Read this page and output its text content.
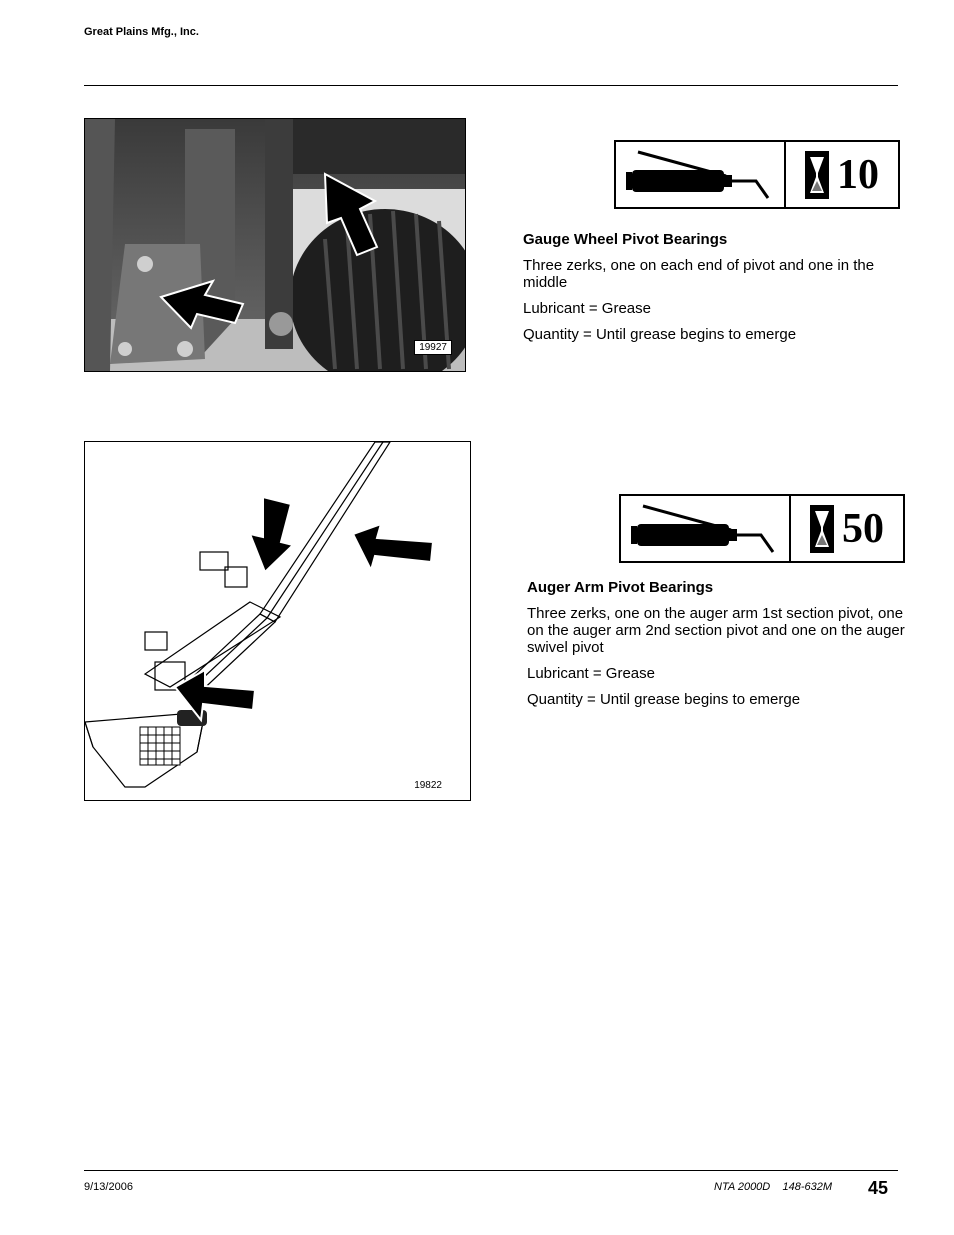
Great Plains Mfg., Inc.
19927
10
Gauge Wheel Pivot Bearings

Three zerks, one on each end of pivot and one in the middle

Lubricant = Grease

Quantity = Until grease begins to emerge

19822
50
Auger Arm Pivot Bearings

Three zerks, one on the auger arm 1st section pivot, one on the auger arm 2nd section pivot and one on the auger swivel pivot

Lubricant = Grease

Quantity = Until grease begins to emerge

9/13/2006	NTA 2000D    148-632M 45
